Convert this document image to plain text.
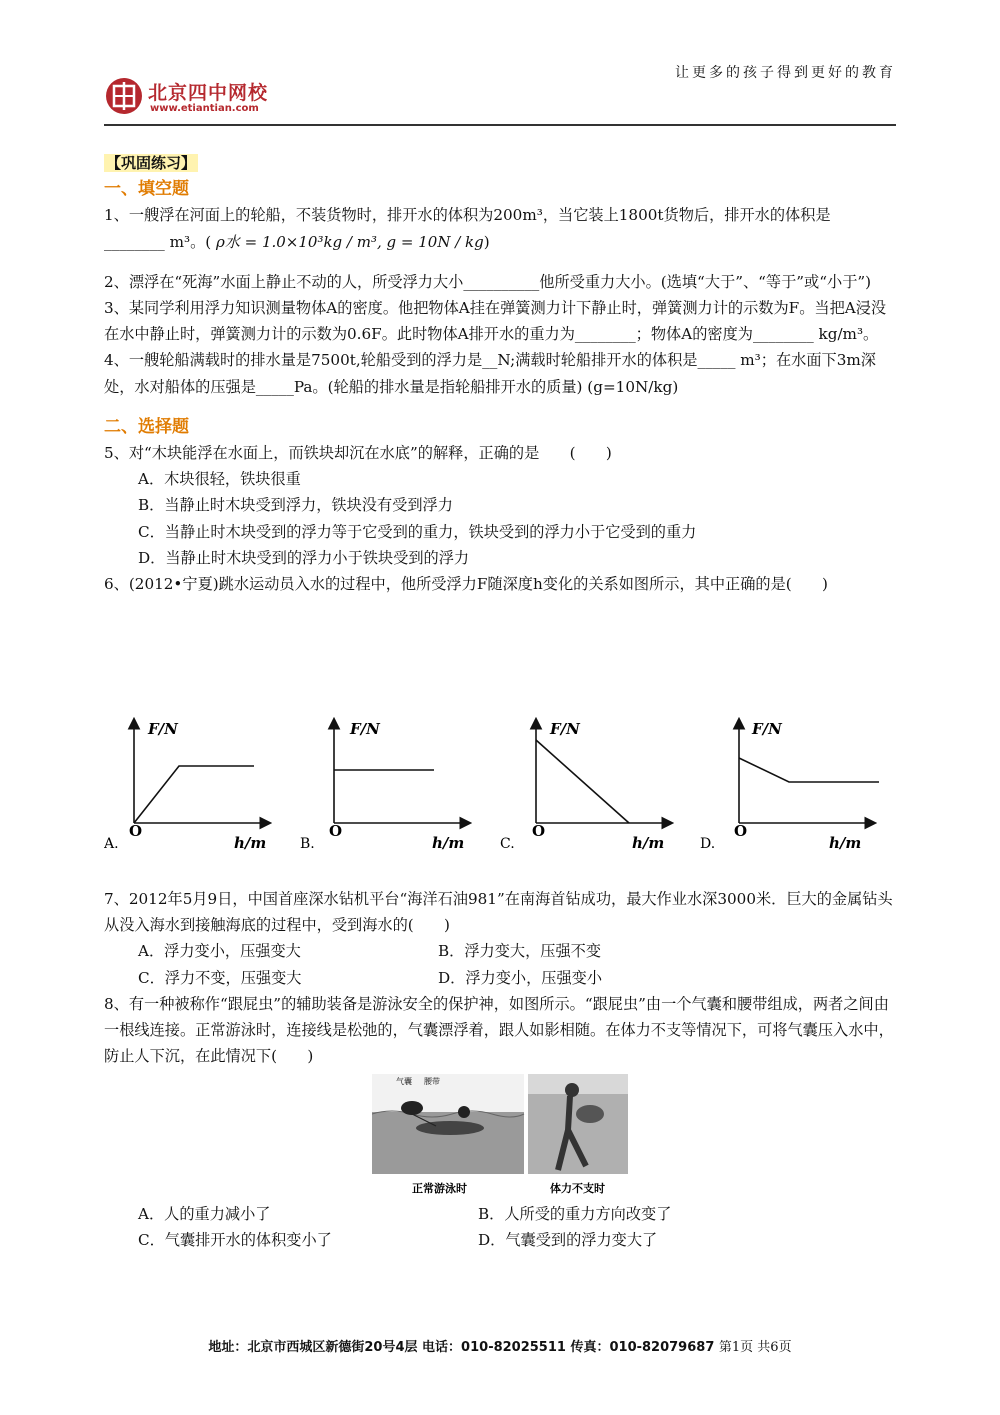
北京四中网校
www.etiantian.com
让更多的孩子得到更好的教育

【巩固练习】

一、填空题

1、一艘浮在河面上的轮船，不装货物时，排开水的体积为200m³，当它装上1800t货物后，排开水的体积是
________ m³。( ρ水 = 1.0×10³kg / m³, g = 10N / kg)

2、漂浮在“死海”水面上静止不动的人，所受浮力大小__________他所受重力大小。(选填“大于”、“等于”或“小于”)

3、某同学利用浮力知识测量物体A的密度。他把物体A挂在弹簧测力计下静止时，弹簧测力计的示数为F。当把A浸没在水中静止时，弹簧测力计的示数为0.6F。此时物体A排开水的重力为________；物体A的密度为________ kg/m³。

4、一艘轮船满载时的排水量是7500t,轮船受到的浮力是__N;满载时轮船排开水的体积是_____ m³；在水面下3m深处，水对船体的压强是_____Pa。(轮船的排水量是指轮船排开水的质量) (g=10N/kg)

二、选择题

5、对“木块能浮在水面上，而铁块却沉在水底”的解释，正确的是　　(　　)

A．木块很轻，铁块很重

B．当静止时木块受到浮力，铁块没有受到浮力

C．当静止时木块受到的浮力等于它受到的重力，铁块受到的浮力小于它受到的重力

D．当静止时木块受到的浮力小于铁块受到的浮力

6、(2012•宁夏)跳水运动员入水的过程中，他所受浮力F随深度h变化的关系如图所示，其中正确的是(　　)

F/N
O
h/m
A.
F/N
O
h/m
B.
F/N
O
h/m
C.
F/N
O
h/m
D.

7、2012年5月9日，中国首座深水钻机平台“海洋石油981”在南海首钻成功，最大作业水深3000米．巨大的金属钻头从没入海水到接触海底的过程中，受到海水的(　　)

A．浮力变小，压强变大	B．浮力变大，压强不变

C．浮力不变，压强变大	D．浮力变小，压强变小

8、有一种被称作“跟屁虫”的辅助装备是游泳安全的保护神，如图所示。“跟屁虫”由一个气囊和腰带组成，两者之间由一根线连接。正常游泳时，连接线是松弛的，气囊漂浮着，跟人如影相随。在体力不支等情况下，可将气囊压入水中，防止人下沉，在此情况下(　　)

气囊 腰带
正常游泳时	体力不支时

A．人的重力减小了	B．人所受的重力方向改变了

C．气囊排开水的体积变小了	D．气囊受到的浮力变大了

地址：北京市西城区新德街20号4层 电话：010-82025511 传真：010-82079687 第1页 共6页
